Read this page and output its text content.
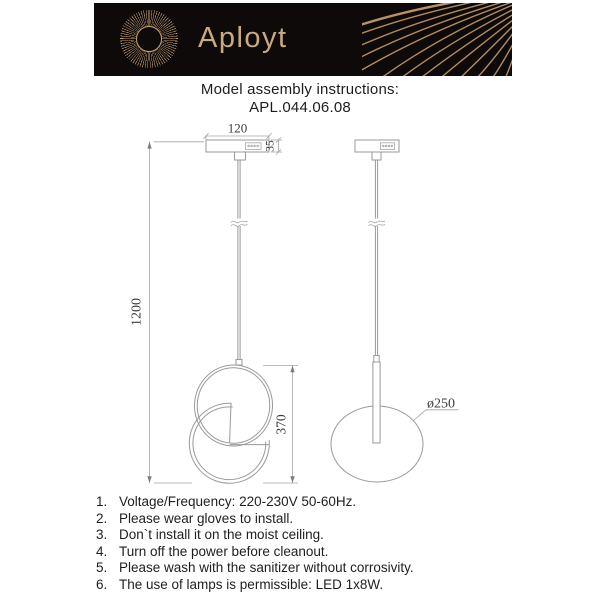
Aployt
Model assembly instructions:
APL.044.06.08
120
35
370
1200
ø250
1. Voltage/Frequency: 220-230V 50-60Hz.
2. Please wear gloves to install.
3. Don`t install it on the moist ceiling.
4. Turn off the power before cleanout.
5. Please wash with the sanitizer without corrosivity.
6. The use of lamps is permissible: LED 1x8W.
